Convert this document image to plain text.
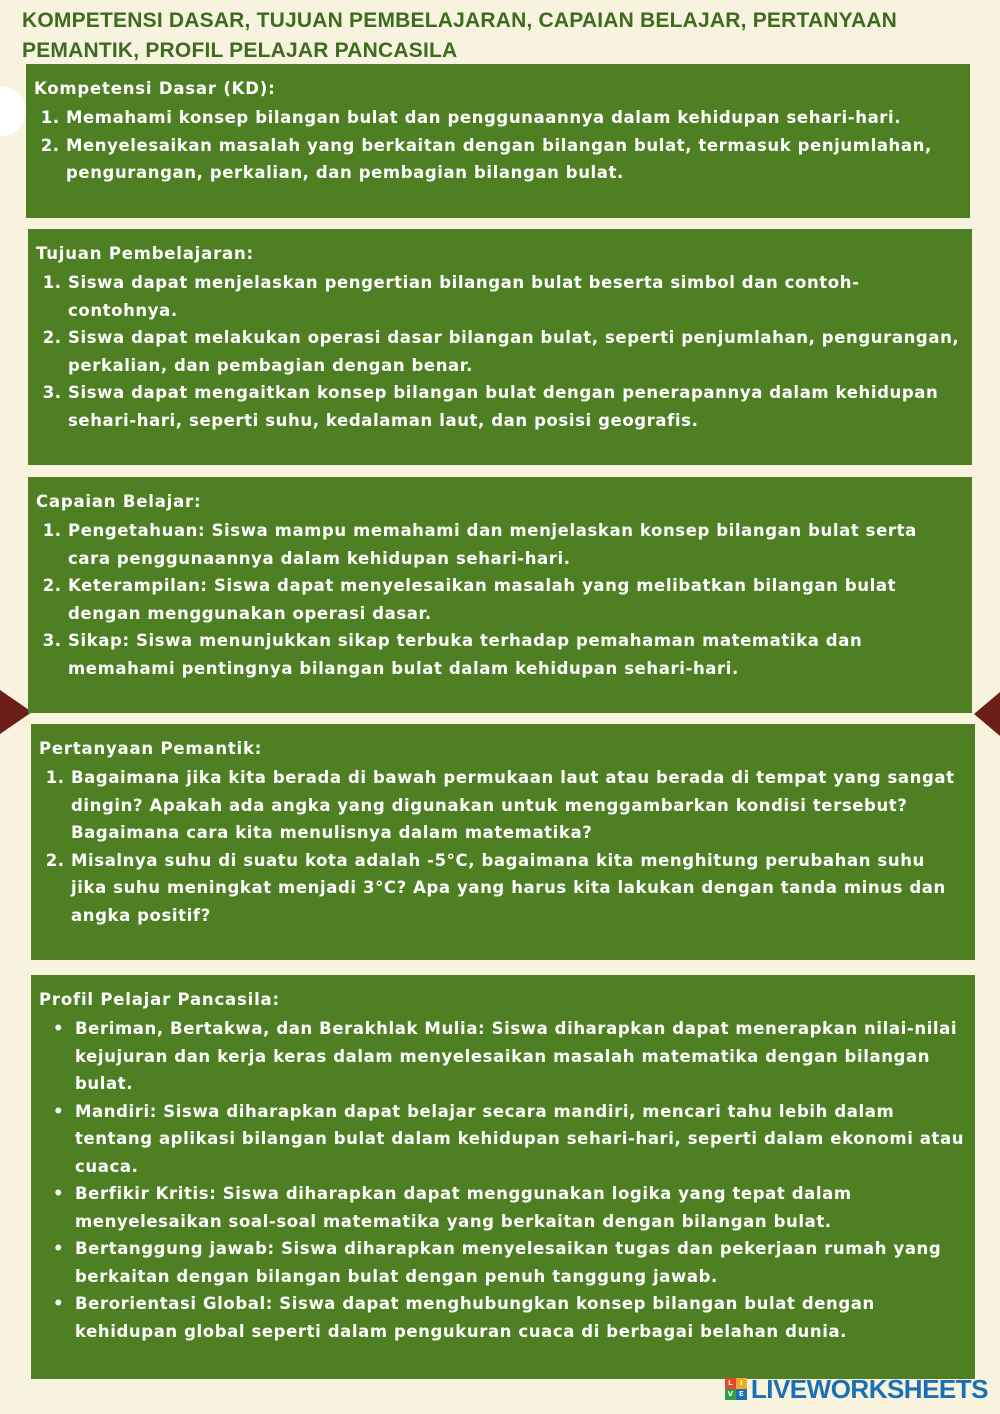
KOMPETENSI DASAR, TUJUAN PEMBELAJARAN, CAPAIAN BELAJAR, PERTANYAAN PEMANTIK, PROFIL PELAJAR PANCASILA
Kompetensi Dasar (KD):
1. Memahami konsep bilangan bulat dan penggunaannya dalam kehidupan sehari-hari.
2. Menyelesaikan masalah yang berkaitan dengan bilangan bulat, termasuk penjumlahan, pengurangan, perkalian, dan pembagian bilangan bulat.
Tujuan Pembelajaran:
1. Siswa dapat menjelaskan pengertian bilangan bulat beserta simbol dan contoh-contohnya.
2. Siswa dapat melakukan operasi dasar bilangan bulat, seperti penjumlahan, pengurangan, perkalian, dan pembagian dengan benar.
3. Siswa dapat mengaitkan konsep bilangan bulat dengan penerapannya dalam kehidupan sehari-hari, seperti suhu, kedalaman laut, dan posisi geografis.
Capaian Belajar:
1. Pengetahuan: Siswa mampu memahami dan menjelaskan konsep bilangan bulat serta cara penggunaannya dalam kehidupan sehari-hari.
2. Keterampilan: Siswa dapat menyelesaikan masalah yang melibatkan bilangan bulat dengan menggunakan operasi dasar.
3. Sikap: Siswa menunjukkan sikap terbuka terhadap pemahaman matematika dan memahami pentingnya bilangan bulat dalam kehidupan sehari-hari.
Pertanyaan Pemantik:
1. Bagaimana jika kita berada di bawah permukaan laut atau berada di tempat yang sangat dingin? Apakah ada angka yang digunakan untuk menggambarkan kondisi tersebut? Bagaimana cara kita menulisnya dalam matematika?
2. Misalnya suhu di suatu kota adalah -5°C, bagaimana kita menghitung perubahan suhu jika suhu meningkat menjadi 3°C? Apa yang harus kita lakukan dengan tanda minus dan angka positif?
Profil Pelajar Pancasila:
• Beriman, Bertakwa, dan Berakhlak Mulia: Siswa diharapkan dapat menerapkan nilai-nilai kejujuran dan kerja keras dalam menyelesaikan masalah matematika dengan bilangan bulat.
• Mandiri: Siswa diharapkan dapat belajar secara mandiri, mencari tahu lebih dalam tentang aplikasi bilangan bulat dalam kehidupan sehari-hari, seperti dalam ekonomi atau cuaca.
• Berfikir Kritis: Siswa diharapkan dapat menggunakan logika yang tepat dalam menyelesaikan soal-soal matematika yang berkaitan dengan bilangan bulat.
• Bertanggung jawab: Siswa diharapkan menyelesaikan tugas dan pekerjaan rumah yang berkaitan dengan bilangan bulat dengan penuh tanggung jawab.
• Berorientasi Global: Siswa dapat menghubungkan konsep bilangan bulat dengan kehidupan global seperti dalam pengukuran cuaca di berbagai belahan dunia.
L	I
V E LIVEWORKSHEETS
